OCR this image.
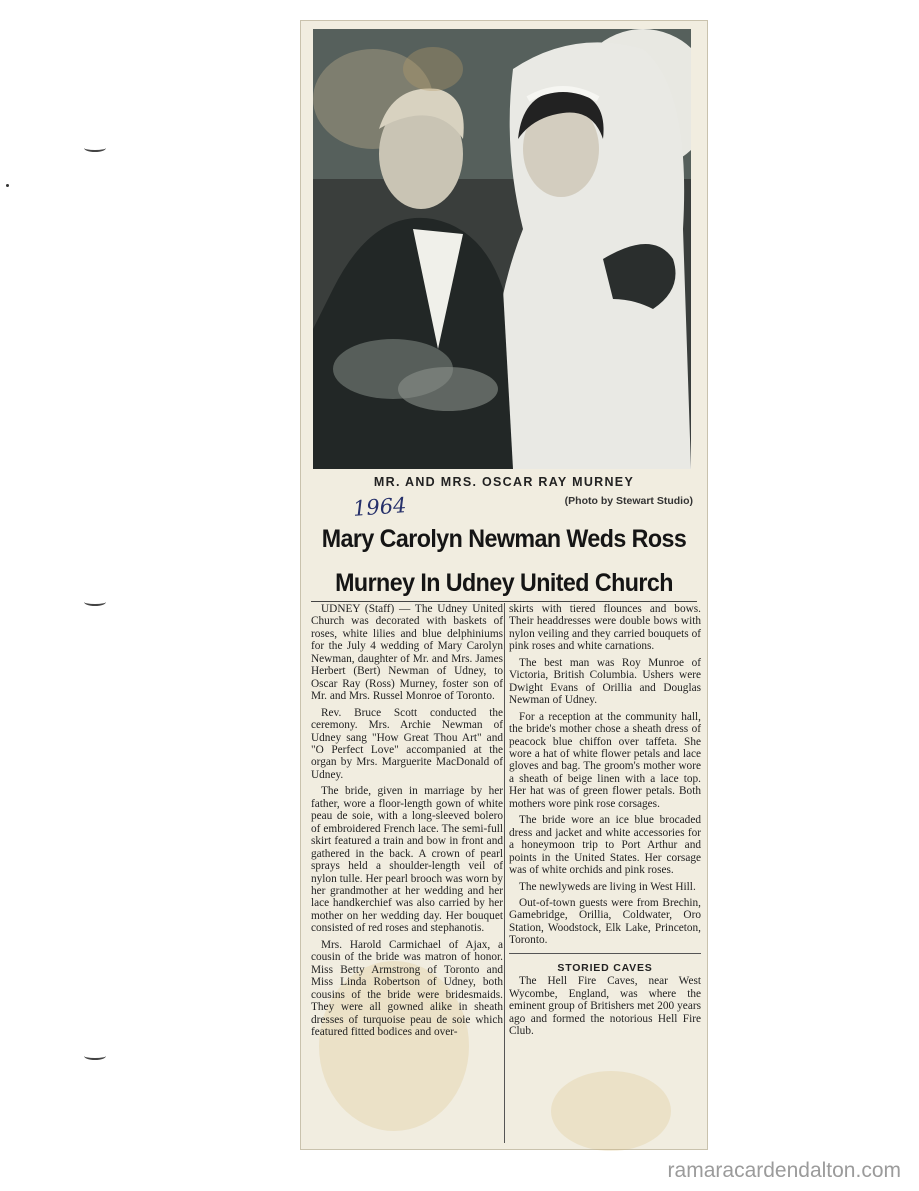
MR. AND MRS. OSCAR RAY MURNEY
1964	(Photo by Stewart Studio)
Mary Carolyn Newman Weds Ross
Murney In Udney United Church

UDNEY (Staff) — The Udney United Church was decorated with baskets of roses, white lilies and blue delphiniums for the July 4 wedding of Mary Carolyn Newman, daughter of Mr. and Mrs. James Herbert (Bert) Newman of Udney, to Oscar Ray (Ross) Murney, foster son of Mr. and Mrs. Russel Monroe of Toronto.

Rev. Bruce Scott conducted the ceremony. Mrs. Archie Newman of Udney sang "How Great Thou Art" and "O Perfect Love" accompanied at the organ by Mrs. Marguerite MacDonald of Udney.

The bride, given in marriage by her father, wore a floor-length gown of white peau de soie, with a long-sleeved bolero of embroidered French lace. The semi-full skirt featured a train and bow in front and gathered in the back. A crown of pearl sprays held a shoulder-length veil of nylon tulle. Her pearl brooch was worn by her grandmother at her wedding and her lace handkerchief was also carried by her mother on her wedding day. Her bouquet consisted of red roses and stephanotis.

Mrs. Harold Carmichael of Ajax, a cousin of the bride was matron of honor. Miss Betty Armstrong of Toronto and Miss Linda Robertson of Udney, both cousins of the bride were bridesmaids. They were all gowned alike in sheath dresses of turquoise peau de soie which featured fitted bodices and over-

skirts with tiered flounces and bows. Their headdresses were double bows with nylon veiling and they carried bouquets of pink roses and white carnations.

The best man was Roy Munroe of Victoria, British Columbia. Ushers were Dwight Evans of Orillia and Douglas Newman of Udney.

For a reception at the community hall, the bride's mother chose a sheath dress of peacock blue chiffon over taffeta. She wore a hat of white flower petals and lace gloves and bag. The groom's mother wore a sheath of beige linen with a lace top. Her hat was of green flower petals. Both mothers wore pink rose corsages.

The bride wore an ice blue brocaded dress and jacket and white accessories for a honeymoon trip to Port Arthur and points in the United States. Her corsage was of white orchids and pink roses.

The newlyweds are living in West Hill.

Out-of-town guests were from Brechin, Gamebridge, Orillia, Coldwater, Oro Station, Woodstock, Elk Lake, Princeton, Toronto.

STORIED CAVES

The Hell Fire Caves, near West Wycombe, England, was where the eminent group of Britishers met 200 years ago and formed the notorious Hell Fire Club.

ramaracardendalton.com
